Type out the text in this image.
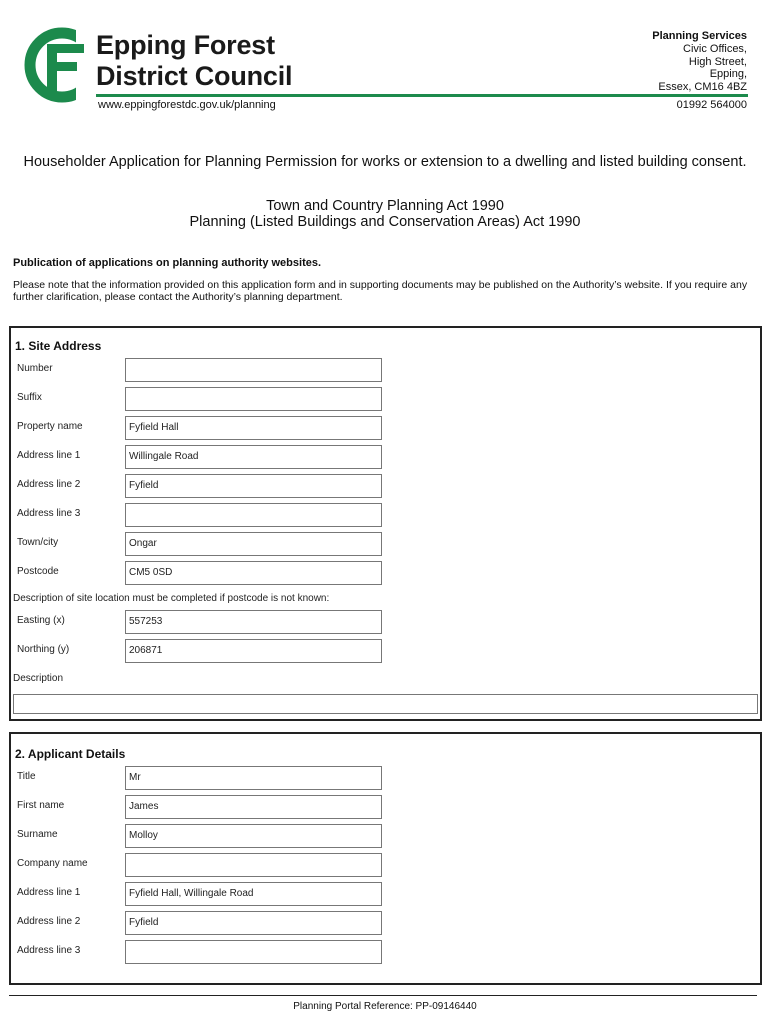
Epping Forest
District Council
www.eppingforestdc.gov.uk/planning
Planning Services
Civic Offices,
High Street,
Epping,
Essex, CM16 4BZ
01992 564000
Householder Application for Planning Permission for works or extension to a dwelling and listed building consent.
Town and Country Planning Act 1990
Planning (Listed Buildings and Conservation Areas) Act 1990
Publication of applications on planning authority websites.
Please note that the information provided on this application form and in supporting documents may be published on the Authority’s website. If you require any further clarification, please contact the Authority’s planning department.
1. Site Address
Number
Suffix
Property name	Fyfield Hall
Address line 1	Willingale Road
Address line 2	Fyfield
Address line 3
Town/city	Ongar
Postcode	CM5 0SD
Description of site location must be completed if postcode is not known:
Easting (x)	557253
Northing (y)	206871
Description
2. Applicant Details
Title	Mr
First name	James
Surname	Molloy
Company name
Address line 1	Fyfield Hall, Willingale Road
Address line 2	Fyfield
Address line 3
Planning Portal Reference: PP-09146440
